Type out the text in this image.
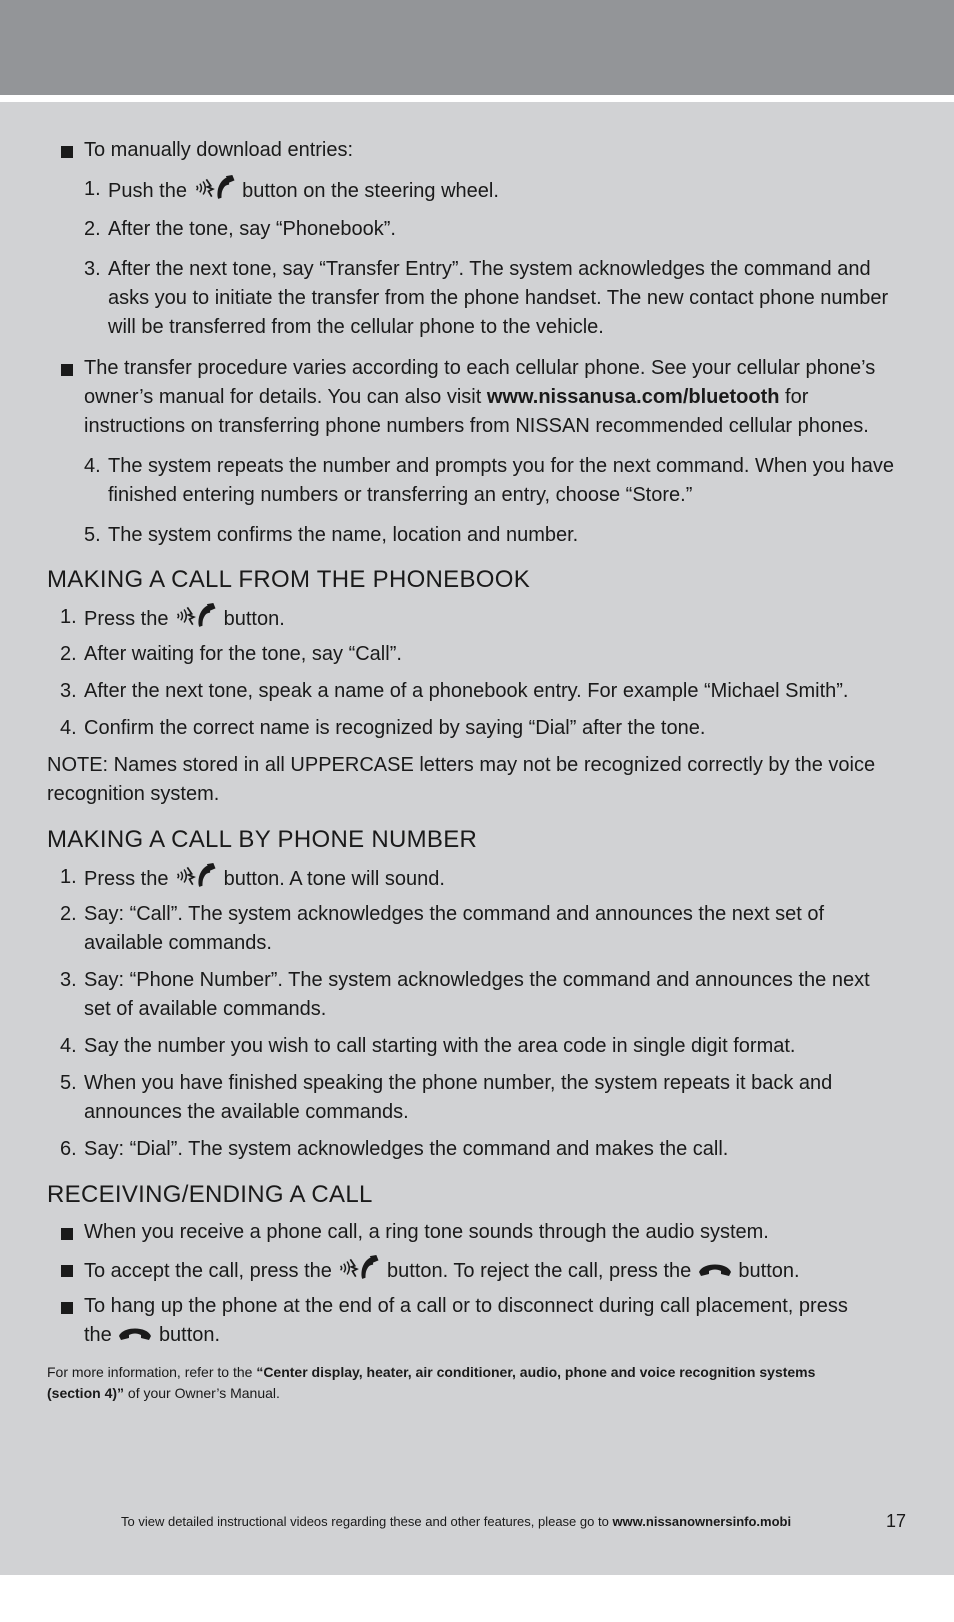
To manually download entries:

1. Push the	button on the steering wheel.

2. After the tone, say “Phonebook”.

3. After the next tone, say “Transfer Entry”. The system acknowledges the command and

asks you to initiate the transfer from the phone handset. The new contact phone number

will be transferred from the cellular phone to the vehicle.

The transfer procedure varies according to each cellular phone. See your cellular phone’s

owner’s manual for details. You can also visit www.nissanusa.com/bluetooth for

instructions on transferring phone numbers from NISSAN recommended cellular phones.

4. The system repeats the number and prompts you for the next command. When you have

finished entering numbers or transferring an entry, choose “Store.”

5. The system confirms the name, location and number.

MAKING A CALL FROM THE PHONEBOOK
1. Press the	button.

2. After waiting for the tone, say “Call”.

3. After the next tone, speak a name of a phonebook entry. For example “Michael Smith”.

4. Confirm the correct name is recognized by saying “Dial” after the tone.

NOTE: Names stored in all UPPERCASE letters may not be recognized correctly by the voice

recognition system.

MAKING A CALL BY PHONE NUMBER
1. Press the	button. A tone will sound.

2. Say: “Call”. The system acknowledges the command and announces the next set of

available commands.

3. Say: “Phone Number”. The system acknowledges the command and announces the next

set of available commands.

4. Say the number you wish to call starting with the area code in single digit format.

5. When you have finished speaking the phone number, the system repeats it back and

announces the available commands.

6. Say: “Dial”. The system acknowledges the command and makes the call.

RECEIVING/ENDING A CALL

When you receive a phone call, a ring tone sounds through the audio system.

To accept the call, press the	button. To reject the call, press the button.

To hang up the phone at the end of a call or to disconnect during call placement, press

the button.

For more information, refer to the “Center display, heater, air conditioner, audio, phone and voice recognition systems

(section 4)” of your Owner’s Manual.

To view detailed instructional videos regarding these and other features, please go to www.nissanownersinfo.mobi	17
